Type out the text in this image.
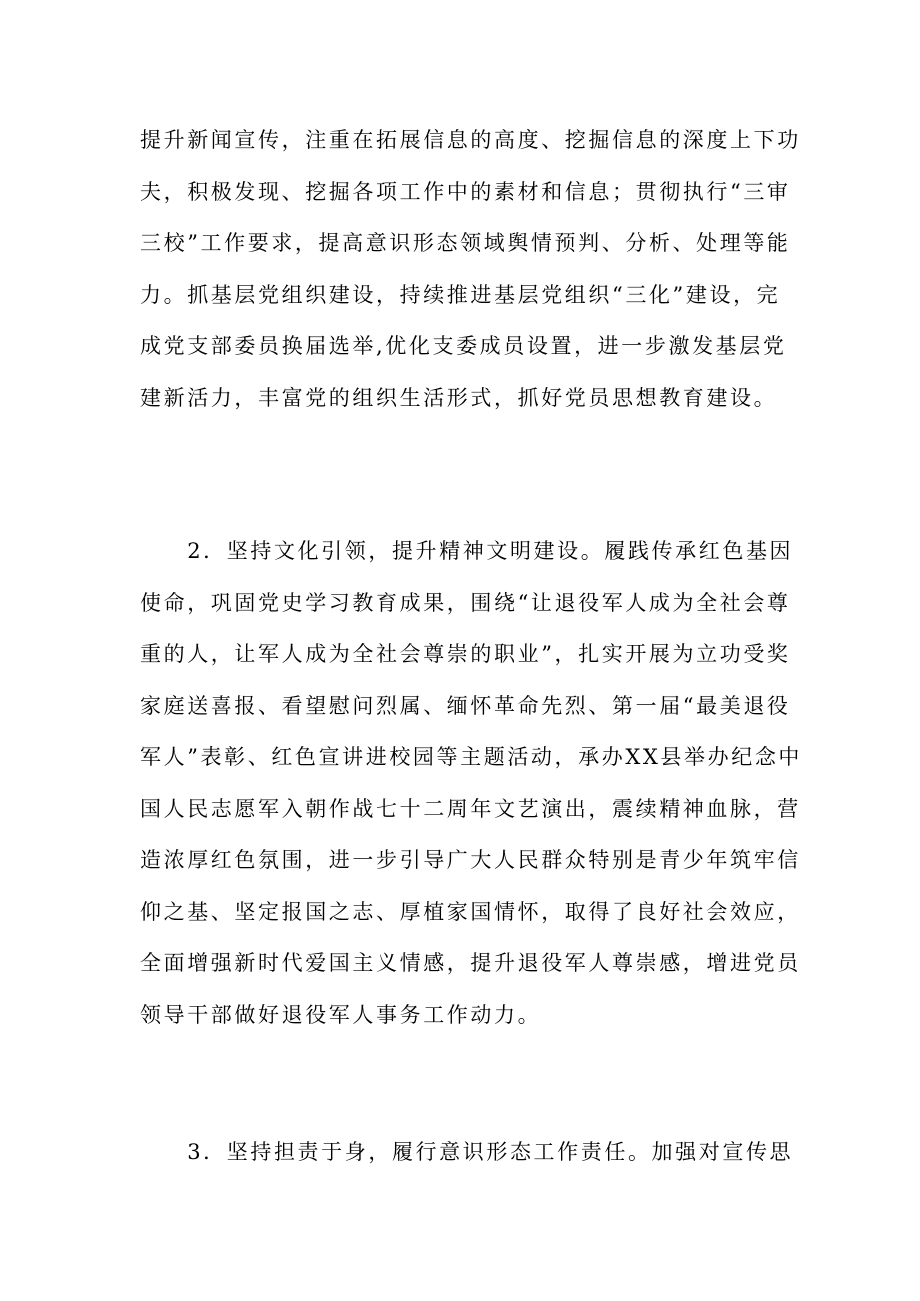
提升新闻宣传，注重在拓展信息的高度、挖掘信息的深度上下功
夫，积极发现、挖掘各项工作中的素材和信息；贯彻执行“三审
三校”工作要求，提高意识形态领域舆情预判、分析、处理等能
力。抓基层党组织建设，持续推进基层党组织“三化”建设，完
成党支部委员换届选举,优化支委成员设置，进一步激发基层党
建新活力，丰富党的组织生活形式，抓好党员思想教育建设。
　　2．坚持文化引领，提升精神文明建设。履践传承红色基因
使命，巩固党史学习教育成果，围绕“让退役军人成为全社会尊
重的人，让军人成为全社会尊崇的职业”，扎实开展为立功受奖
家庭送喜报、看望慰问烈属、缅怀革命先烈、第一届“最美退役
军人”表彰、红色宣讲进校园等主题活动，承办XX县举办纪念中
国人民志愿军入朝作战七十二周年文艺演出，震续精神血脉，营
造浓厚红色氛围，进一步引导广大人民群众特别是青少年筑牢信
仰之基、坚定报国之志、厚植家国情怀，取得了良好社会效应，
全面增强新时代爱国主义情感，提升退役军人尊崇感，增进党员
领导干部做好退役军人事务工作动力。
　　3．坚持担责于身，履行意识形态工作责任。加强对宣传思
